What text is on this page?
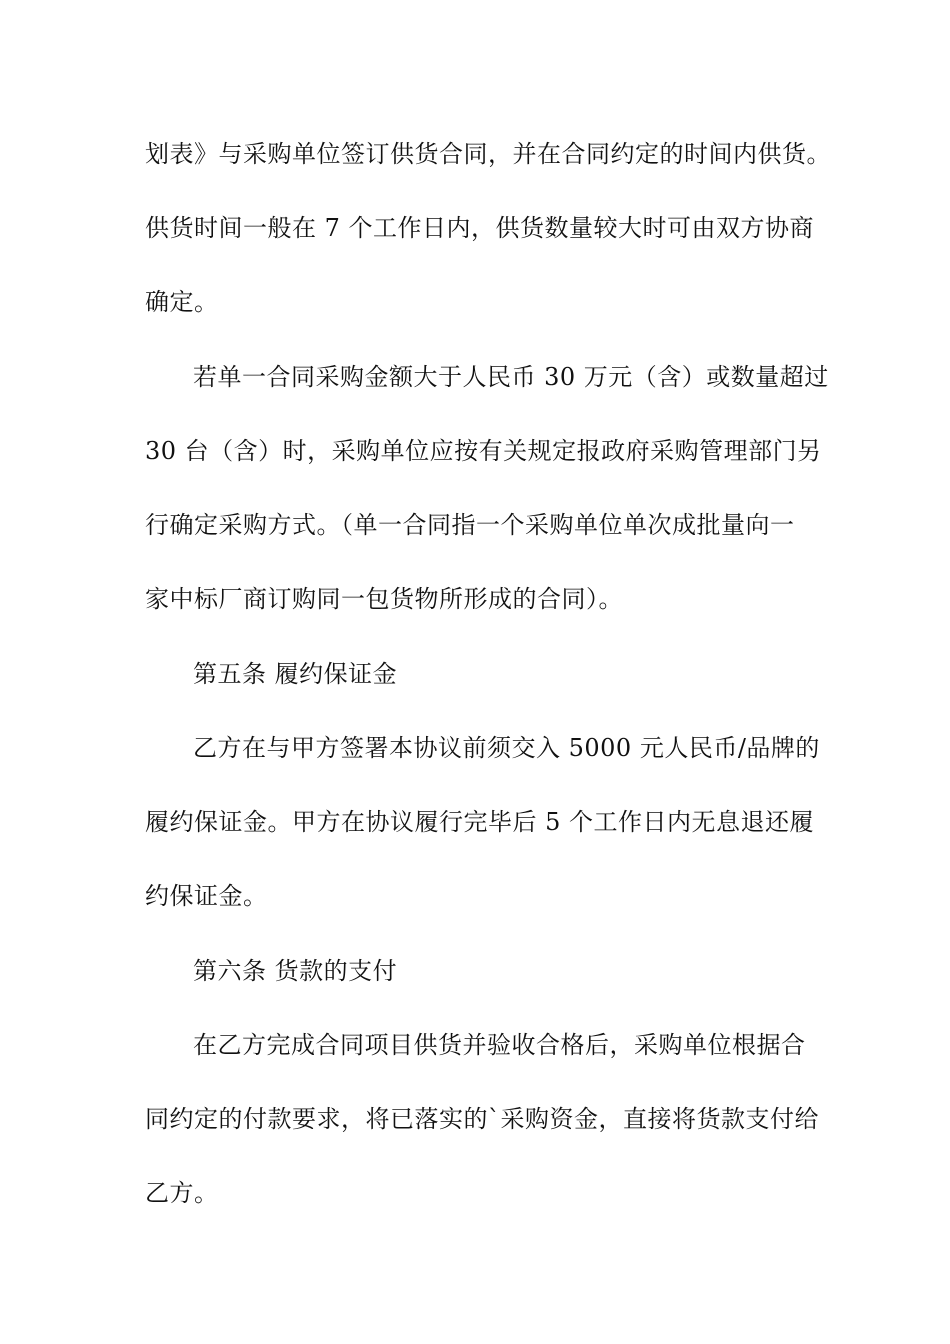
划表》与采购单位签订供货合同，并在合同约定的时间内供货。
供货时间一般在 7 个工作日内，供货数量较大时可由双方协商
确定。
若单一合同采购金额大于人民币 30 万元（含）或数量超过
30 台（含）时，采购单位应按有关规定报政府采购管理部门另
行确定采购方式。（单一合同指一个采购单位单次成批量向一
家中标厂商订购同一包货物所形成的合同）。
第五条 履约保证金
乙方在与甲方签署本协议前须交入 5000 元人民币/品牌的
履约保证金。甲方在协议履行完毕后 5 个工作日内无息退还履
约保证金。
第六条 货款的支付
在乙方完成合同项目供货并验收合格后，采购单位根据合
同约定的付款要求，将已落实的`采购资金，直接将货款支付给
乙方。
